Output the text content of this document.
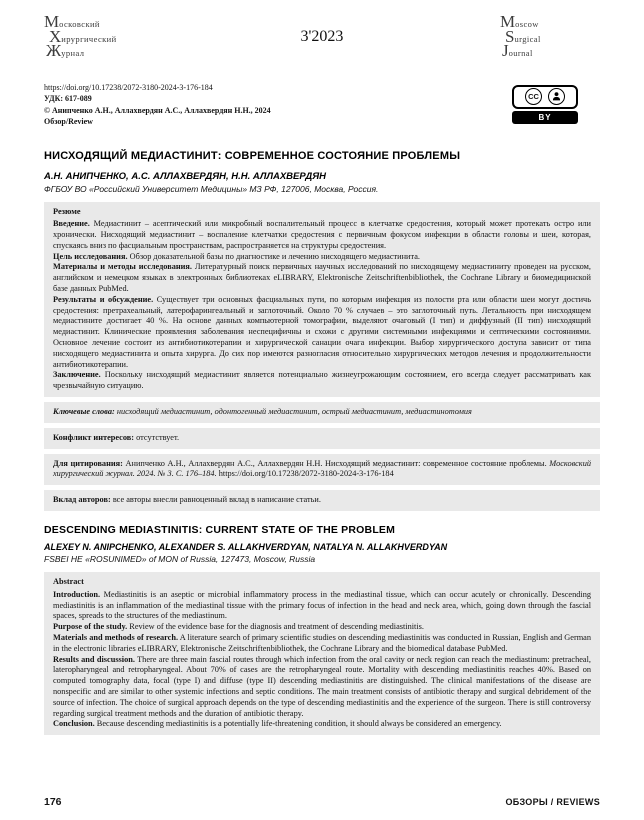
Московский
Хирургический
Журнал
3'2023
Moscow
Surgical
Journal
https://doi.org/10.17238/2072-3180-2024-3-176-184
УДК: 617-089
© Анипченко А.Н., Аллахвердян А.С., Аллахвердян Н.Н., 2024
Обзор/Review
CC
BY
НИСХОДЯЩИЙ МЕДИАСТИНИТ: СОВРЕМЕННОЕ СОСТОЯНИЕ ПРОБЛЕМЫ
А.Н. АНИПЧЕНКО, А.С. АЛЛАХВЕРДЯН, Н.Н. АЛЛАХВЕРДЯН
ФГБОУ ВО «Российский Университет Медицины» МЗ РФ, 127006, Москва, Россия.
Резюме

Введение. Медиастинит – асептический или микробный воспалительный процесс в клетчатке средостения, который может протекать остро или хронически. Нисходящий медиастинит – воспаление клетчатки средостения с первичным фокусом инфекции в области головы и шеи, которая, спускаясь вниз по фасциальным пространствам, распространяется на структуры средостения.

Цель исследования. Обзор доказательной базы по диагностике и лечению нисходящего медиастинита.

Материалы и методы исследования. Литературный поиск первичных научных исследований по нисходящему медиастиниту проведен на русском, английском и немецком языках в электронных библиотеках eLIBRARY, Elektronische Zeitschriftenbibliothek, the Cochrane Library и биомедицинской базе данных PubMed.

Результаты и обсуждение. Существует три основных фасциальных пути, по которым инфекция из полости рта или области шеи могут достичь средостения: претрахеальный, латерофарингеальный и заглоточный. Около 70 % случаев – это заглоточный путь. Летальность при нисходящем медиастините достигает 40 %. На основе данных компьютерной томографии, выделяют очаговый (I тип) и диффузный (II тип) нисходящий медиастинит. Клинические проявления заболевания неспецифичны и схожи с другими системными инфекциями и септическими состояниями. Основное лечение состоит из антибиотикотерапии и хирургической санации очага инфекции. Выбор хирургического доступа зависит от типа нисходящего медиастинита и опыта хирурга. До сих пор имеются разногласия относительно хирургических методов лечения и продолжительности антибиотикотерапии.

Заключение. Поскольку нисходящий медиастинит является потенциально жизнеугрожающим состоянием, его всегда следует рассматривать как чрезвычайную ситуацию.

Ключевые слова: нисходящий медиастинит, одонтогенный медиастинит, острый медиастинит, медиастинотомия
Конфликт интересов: отсутствует.
Для цитирования: Анипченко А.Н., Аллахвердян А.С., Аллахвердян Н.Н. Нисходящий медиастинит: современное состояние проблемы. Московский хирургический журнал. 2024. № 3. С. 176–184. https://doi.org/10.17238/2072-3180-2024-3-176-184
Вклад авторов: все авторы внесли равноценный вклад в написание статьи.
DESCENDING MEDIASTINITIS: CURRENT STATE OF THE PROBLEM
ALEXEY N. ANIPCHENKO, ALEXANDER S. ALLAKHVERDYAN, NATALYA N. ALLAKHVERDYAN
FSBEI HE «ROSUNIMED» of MON of Russia, 127473, Moscow, Russia
Abstract

Introduction. Mediastinitis is an aseptic or microbial inflammatory process in the mediastinal tissue, which can occur acutely or chronically. Descending mediastinitis is an inflammation of the mediastinal tissue with the primary focus of infection in the head and neck area, which, going down through the fascial spaces, spreads to the structures of the mediastinum.

Purpose of the study. Review of the evidence base for the diagnosis and treatment of descending mediastinitis.

Materials and methods of research. A literature search of primary scientific studies on descending mediastinitis was conducted in Russian, English and German in the electronic libraries eLIBRARY, Elektronische Zeitschriftenbibliothek, the Cochrane Library and the biomedical database PubMed.

Results and discussion. There are three main fascial routes through which infection from the oral cavity or neck region can reach the mediastinum: pretracheal, lateropharyngeal and retropharyngeal. About 70% of cases are the retropharyngeal route. Mortality with descending mediastinitis reaches 40%. Based on computed tomography data, focal (type I) and diffuse (type II) descending mediastinitis are distinguished. The clinical manifestations of the disease are nonspecific and are similar to other systemic infections and septic conditions. The main treatment consists of antibiotic therapy and surgical debridement of the source of infection. The choice of surgical approach depends on the type of descending mediastinitis and the experience of the surgeon. There is still controversy regarding surgical treatment methods and the duration of antibiotic therapy.

Conclusion. Because descending mediastinitis is a potentially life-threatening condition, it should always be considered an emergency.

176	ОБЗОРЫ / REVIEWS
